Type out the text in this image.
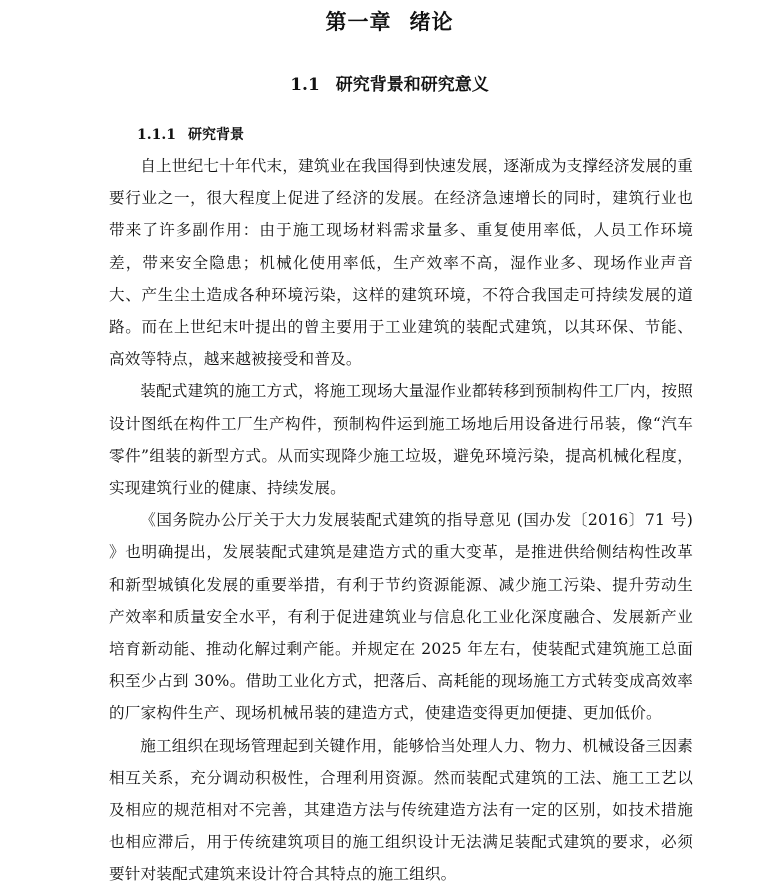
第一章 绪论
1.1 研究背景和研究意义
1.1.1 研究背景

自上世纪七十年代末，建筑业在我国得到快速发展，逐渐成为支撑经济发展的重要行业之一，很大程度上促进了经济的发展。在经济急速增长的同时，建筑行业也带来了许多副作用：由于施工现场材料需求量多、重复使用率低，人员工作环境差，带来安全隐患；机械化使用率低，生产效率不高，湿作业多、现场作业声音大、产生尘土造成各种环境污染，这样的建筑环境，不符合我国走可持续发展的道路。而在上世纪末叶提出的曾主要用于工业建筑的装配式建筑，以其环保、节能、高效等特点，越来越被接受和普及。

装配式建筑的施工方式，将施工现场大量湿作业都转移到预制构件工厂内，按照设计图纸在构件工厂生产构件，预制构件运到施工场地后用设备进行吊装，像“汽车零件”组装的新型方式。从而实现降少施工垃圾，避免环境污染，提高机械化程度，实现建筑行业的健康、持续发展。

《国务院办公厅关于大力发展装配式建筑的指导意见 (国办发〔2016〕71 号) 》也明确提出，发展装配式建筑是建造方式的重大变革，是推进供给侧结构性改革和新型城镇化发展的重要举措，有利于节约资源能源、减少施工污染、提升劳动生产效率和质量安全水平，有利于促进建筑业与信息化工业化深度融合、发展新产业培育新动能、推动化解过剩产能。并规定在 2025 年左右，使装配式建筑施工总面积至少占到 30%。借助工业化方式，把落后、高耗能的现场施工方式转变成高效率的厂家构件生产、现场机械吊装的建造方式，使建造变得更加便捷、更加低价。

施工组织在现场管理起到关键作用，能够恰当处理人力、物力、机械设备三因素相互关系，充分调动积极性，合理利用资源。然而装配式建筑的工法、施工工艺以及相应的规范相对不完善，其建造方法与传统建造方法有一定的区别，如技术措施也相应滞后，用于传统建筑项目的施工组织设计无法满足装配式建筑的要求，必须要针对装配式建筑来设计符合其特点的施工组织。
